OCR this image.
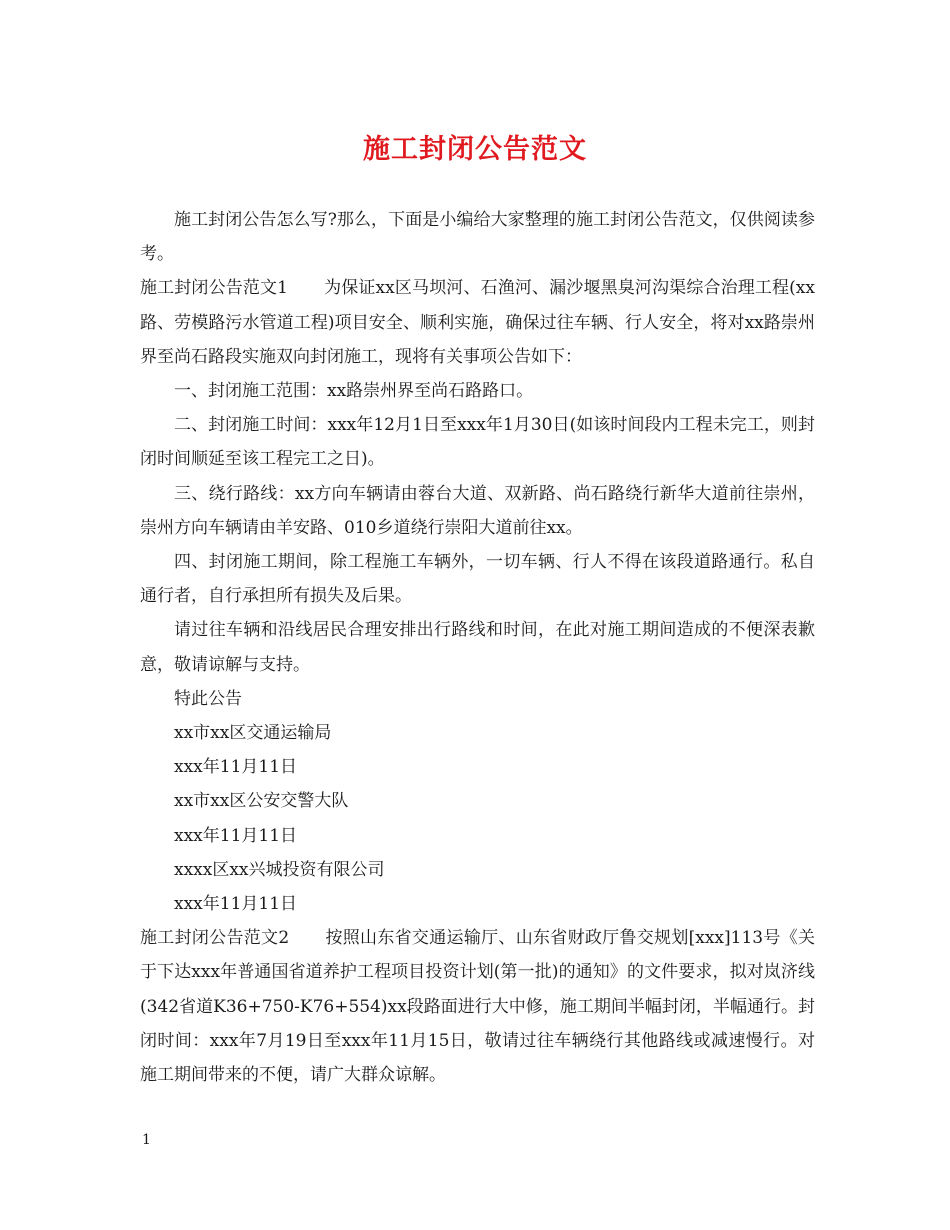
施工封闭公告范文

施工封闭公告怎么写?那么，下面是小编给大家整理的施工封闭公告范文，仅供阅读参考。

施工封闭公告范文1 为保证xx区马坝河、石渔河、漏沙堰黑臭河沟渠综合治理工程(xx路、劳模路污水管道工程)项目安全、顺利实施，确保过往车辆、行人安全，将对xx路崇州界至尚石路段实施双向封闭施工，现将有关事项公告如下：

一、封闭施工范围：xx路崇州界至尚石路路口。

二、封闭施工时间：xxx年12月1日至xxx年1月30日(如该时间段内工程未完工，则封闭时间顺延至该工程完工之日)。

三、绕行路线：xx方向车辆请由蓉台大道、双新路、尚石路绕行新华大道前往崇州，崇州方向车辆请由羊安路、010乡道绕行崇阳大道前往xx。

四、封闭施工期间，除工程施工车辆外，一切车辆、行人不得在该段道路通行。私自通行者，自行承担所有损失及后果。

请过往车辆和沿线居民合理安排出行路线和时间，在此对施工期间造成的不便深表歉意，敬请谅解与支持。

特此公告

xx市xx区交通运输局

xxx年11月11日

xx市xx区公安交警大队

xxx年11月11日

xxxx区xx兴城投资有限公司

xxx年11月11日

施工封闭公告范文2 按照山东省交通运输厅、山东省财政厅鲁交规划[xxx]113号《关于下达xxx年普通国省道养护工程项目投资计划(第一批)的通知》的文件要求，拟对岚济线(342省道K36+750-K76+554)xx段路面进行大中修，施工期间半幅封闭，半幅通行。封闭时间：xxx年7月19日至xxx年11月15日，敬请过往车辆绕行其他路线或减速慢行。对施工期间带来的不便，请广大群众谅解。

1
